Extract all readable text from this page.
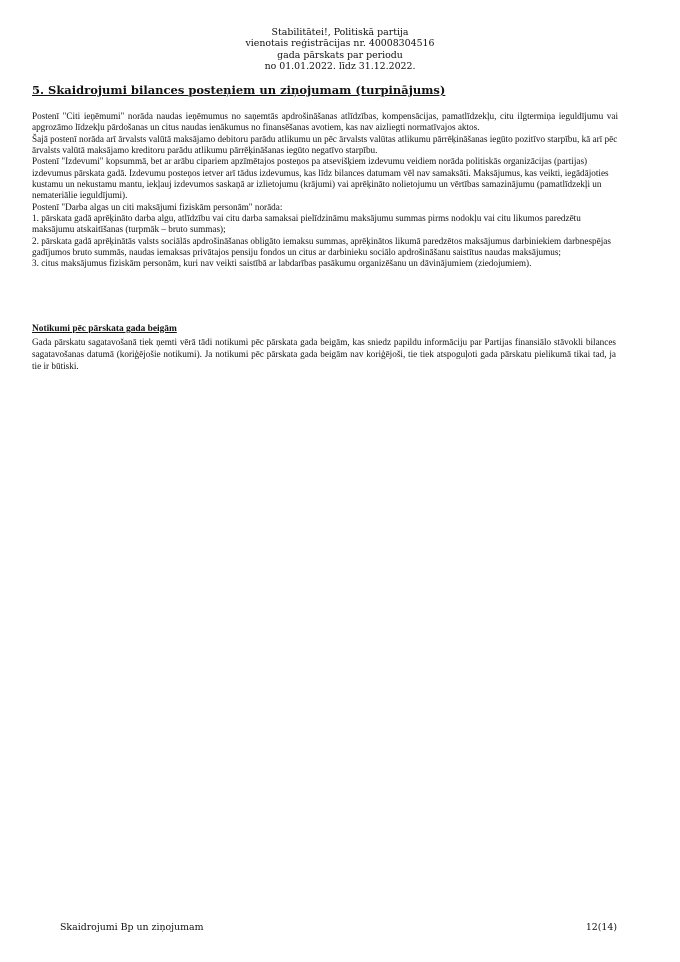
Stabilitātei!, Politiskā partija
vienotais reģistrācijas nr. 40008304516
gada pārskats par periodu
no 01.01.2022. līdz 31.12.2022.
5. Skaidrojumi bilances posteņiem un ziņojumam (turpinājums)

Postenī "Citi ieņēmumi" norāda naudas ieņēmumus no saņemtās apdrošināšanas atlīdzības, kompensācijas, pamatlīdzekļu, citu ilgtermiņa ieguldījumu vai apgrozāmo līdzekļu pārdošanas un citus naudas ienākumus no finansēšanas avotiem, kas nav aizliegti normatīvajos aktos.

Šajā postenī norāda arī ārvalsts valūtā maksājamo debitoru parādu atlikumu un pēc ārvalsts valūtas atlikumu pārrēķināšanas iegūto pozitīvo starpību, kā arī pēc ārvalsts valūtā maksājamo kreditoru parādu atlikumu pārrēķināšanas iegūto negatīvo starpību.

Postenī "Izdevumi" kopsummā, bet ar arābu cipariem apzīmētajos posteņos pa atsevišķiem izdevumu veidiem norāda politiskās organizācijas (partijas) izdevumus pārskata gadā. Izdevumu posteņos ietver arī tādus izdevumus, kas līdz bilances datumam vēl nav samaksāti. Maksājumus, kas veikti, iegādājoties kustamu un nekustamu mantu, iekļauj izdevumos saskaņā ar izlietojumu (krājumi) vai aprēķināto nolietojumu un vērtības samazinājumu (pamatlīdzekļi un nemateriālie ieguldījumi).

Postenī "Darba algas un citi maksājumi fiziskām personām" norāda:

1. pārskata gadā aprēķināto darba algu, atlīdzību vai citu darba samaksai pielīdzināmu maksājumu summas pirms nodokļu vai citu likumos paredzētu maksājumu atskaitīšanas (turpmāk – bruto summas);

2. pārskata gadā aprēķinātās valsts sociālās apdrošināšanas obligāto iemaksu summas, aprēķinātos likumā paredzētos maksājumus darbiniekiem darbnespējas gadījumos bruto summās, naudas iemaksas privātajos pensiju fondos un citus ar darbinieku sociālo apdrošināšanu saistītus naudas maksājumus;

3. citus maksājumus fiziskām personām, kuri nav veikti saistībā ar labdarības pasākumu organizēšanu un dāvinājumiem (ziedojumiem).

Notikumi pēc pārskata gada beigām

Gada pārskatu sagatavošanā tiek ņemti vērā tādi notikumi pēc pārskata gada beigām, kas sniedz papildu informāciju par Partijas finansiālo stāvokli bilances sagatavošanas datumā (koriģējošie notikumi). Ja notikumi pēc pārskata gada beigām nav koriģējoši, tie tiek atspoguļoti gada pārskatu pielikumā tikai tad, ja tie ir būtiski.

Skaidrojumi Bp un ziņojumam	12(14)
